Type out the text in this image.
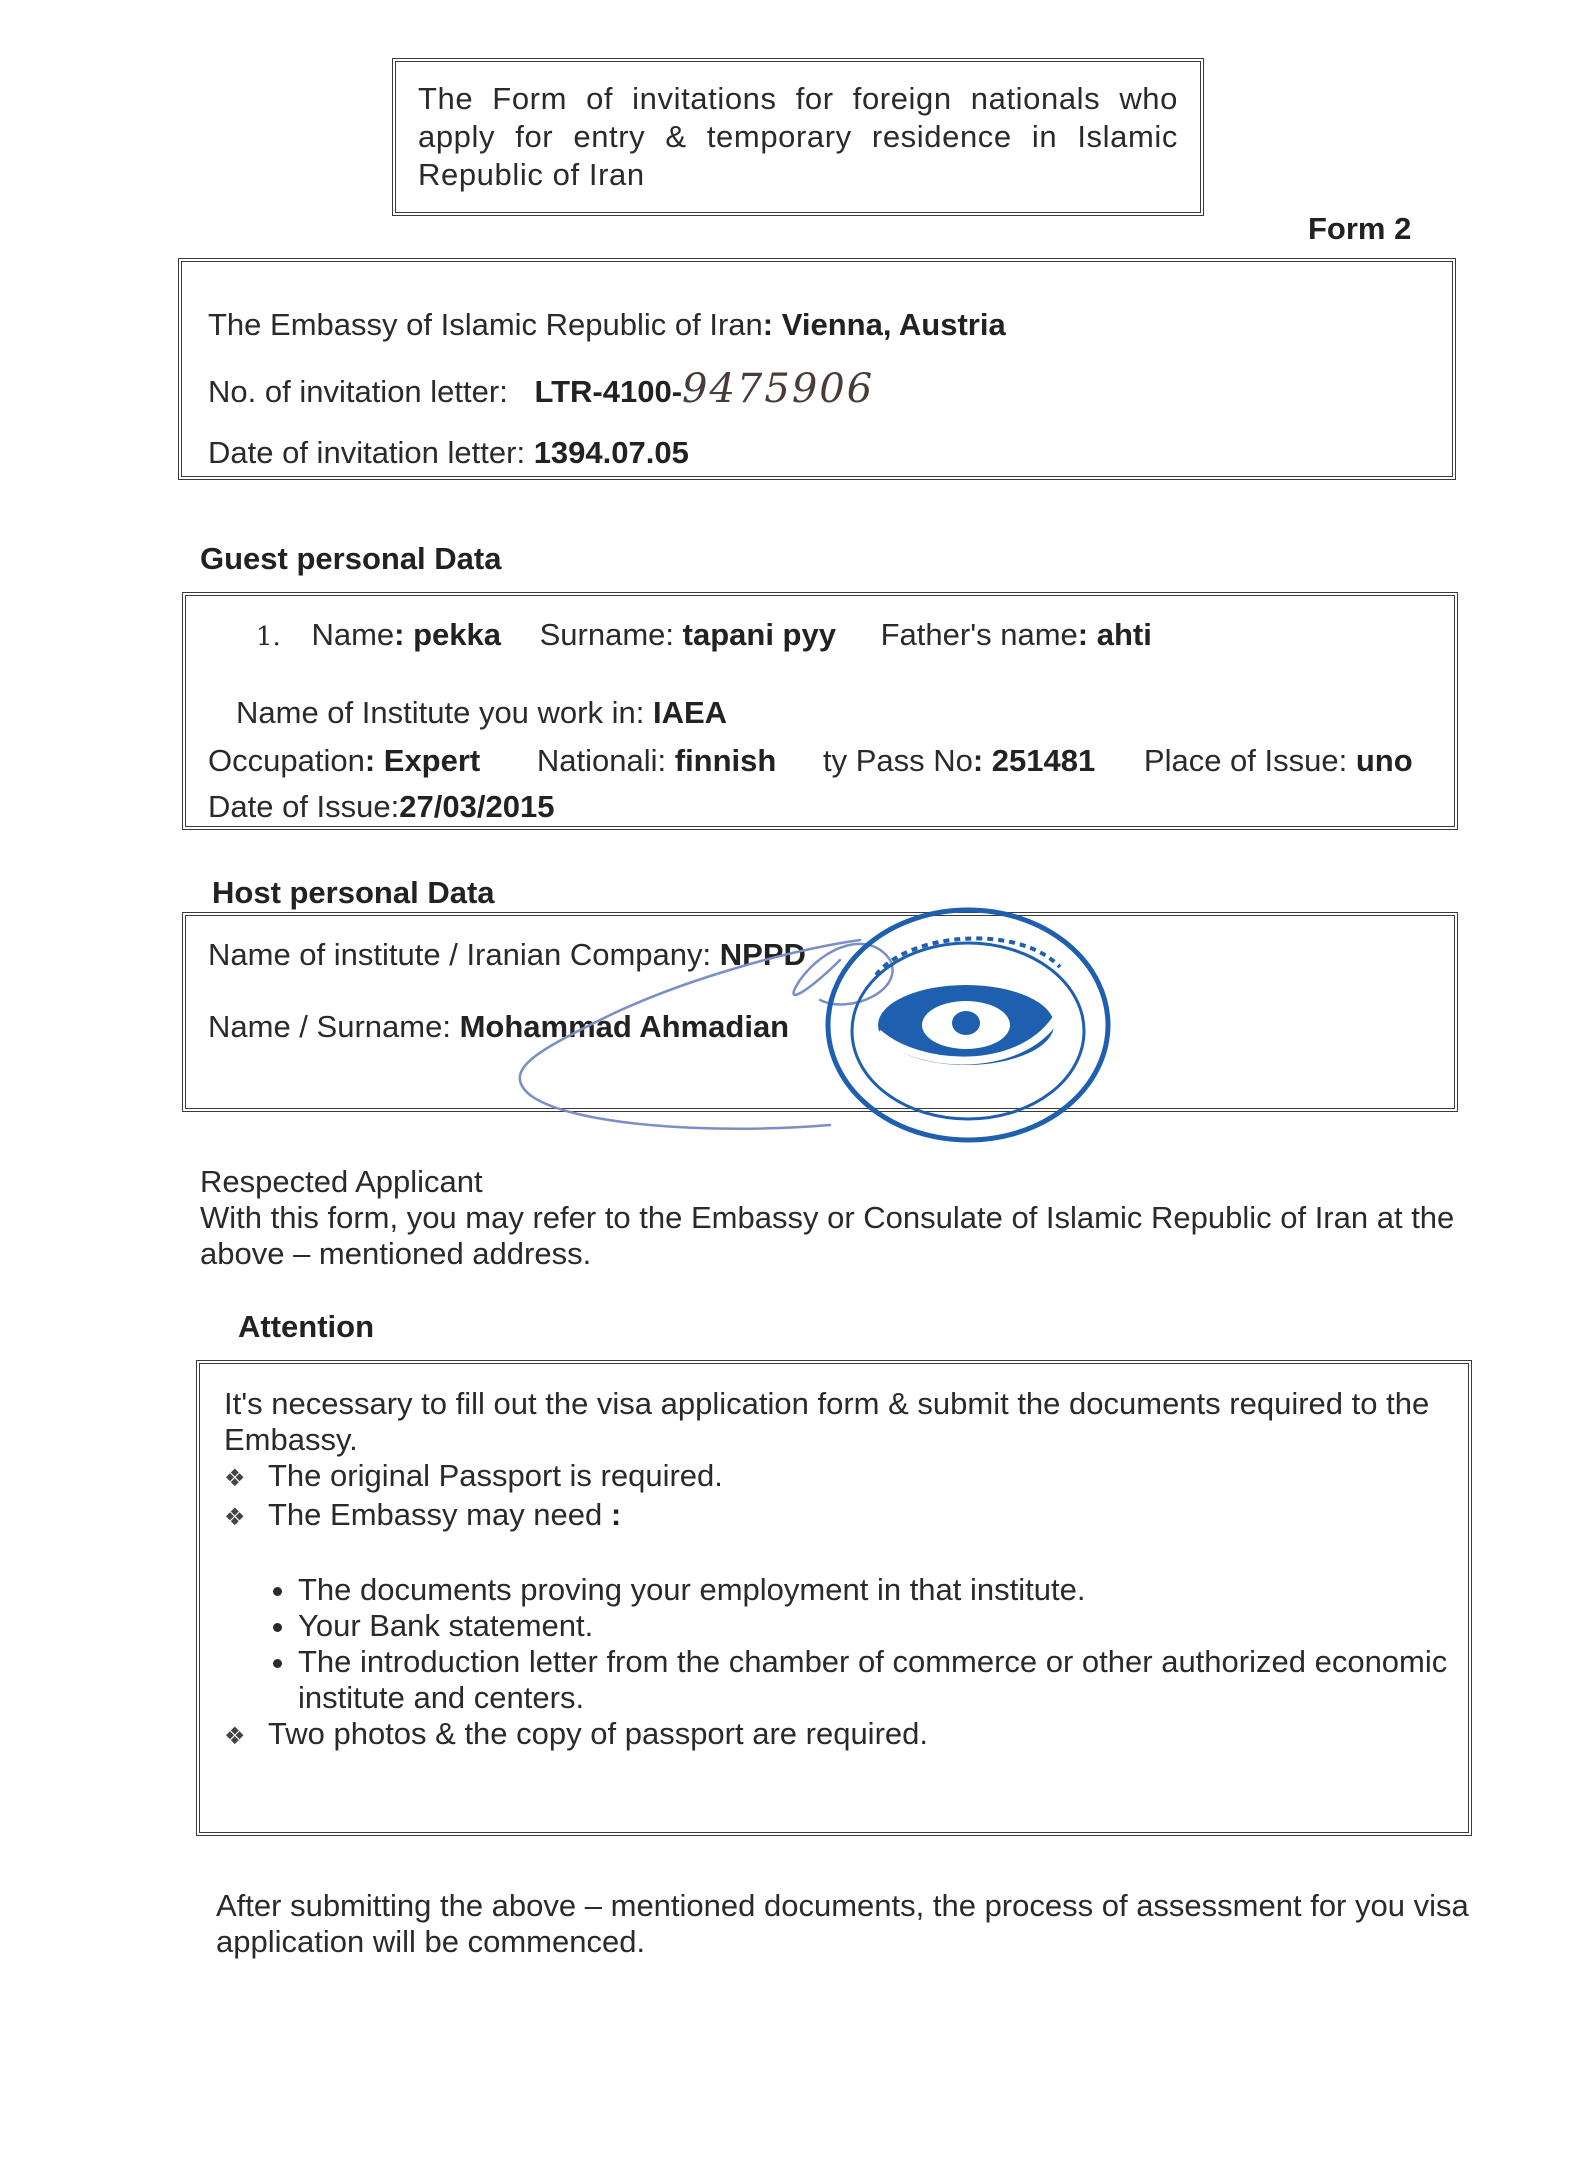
The Form of invitations for foreign nationals who apply for entry & temporary residence in Islamic Republic of Iran
Form 2
The Embassy of Islamic Republic of Iran: Vienna, Austria
No. of invitation letter: LTR-4100-9475906
Date of invitation letter: 1394.07.05
Guest personal Data
1. Name: pekka Surname: tapani pyy Father's name: ahti
Name of Institute you work in: IAEA
Occupation: Expert Nationali: finnish ty Pass No: 251481 Place of Issue: uno
Date of Issue:27/03/2015
Host personal Data
Name of institute / Iranian Company: NPPD
Name / Surname: Mohammad Ahmadian
Respected Applicant
With this form, you may refer to the Embassy or Consulate of Islamic Republic of Iran at the above – mentioned address.
Attention
It's necessary to fill out the visa application form & submit the documents required to the Embassy.
❖ The original Passport is required.
❖ The Embassy may need :
• The documents proving your employment in that institute.
• Your Bank statement.
• The introduction letter from the chamber of commerce or other authorized economic institute and centers.
❖ Two photos & the copy of passport are required.
After submitting the above – mentioned documents, the process of assessment for you visa application will be commenced.
